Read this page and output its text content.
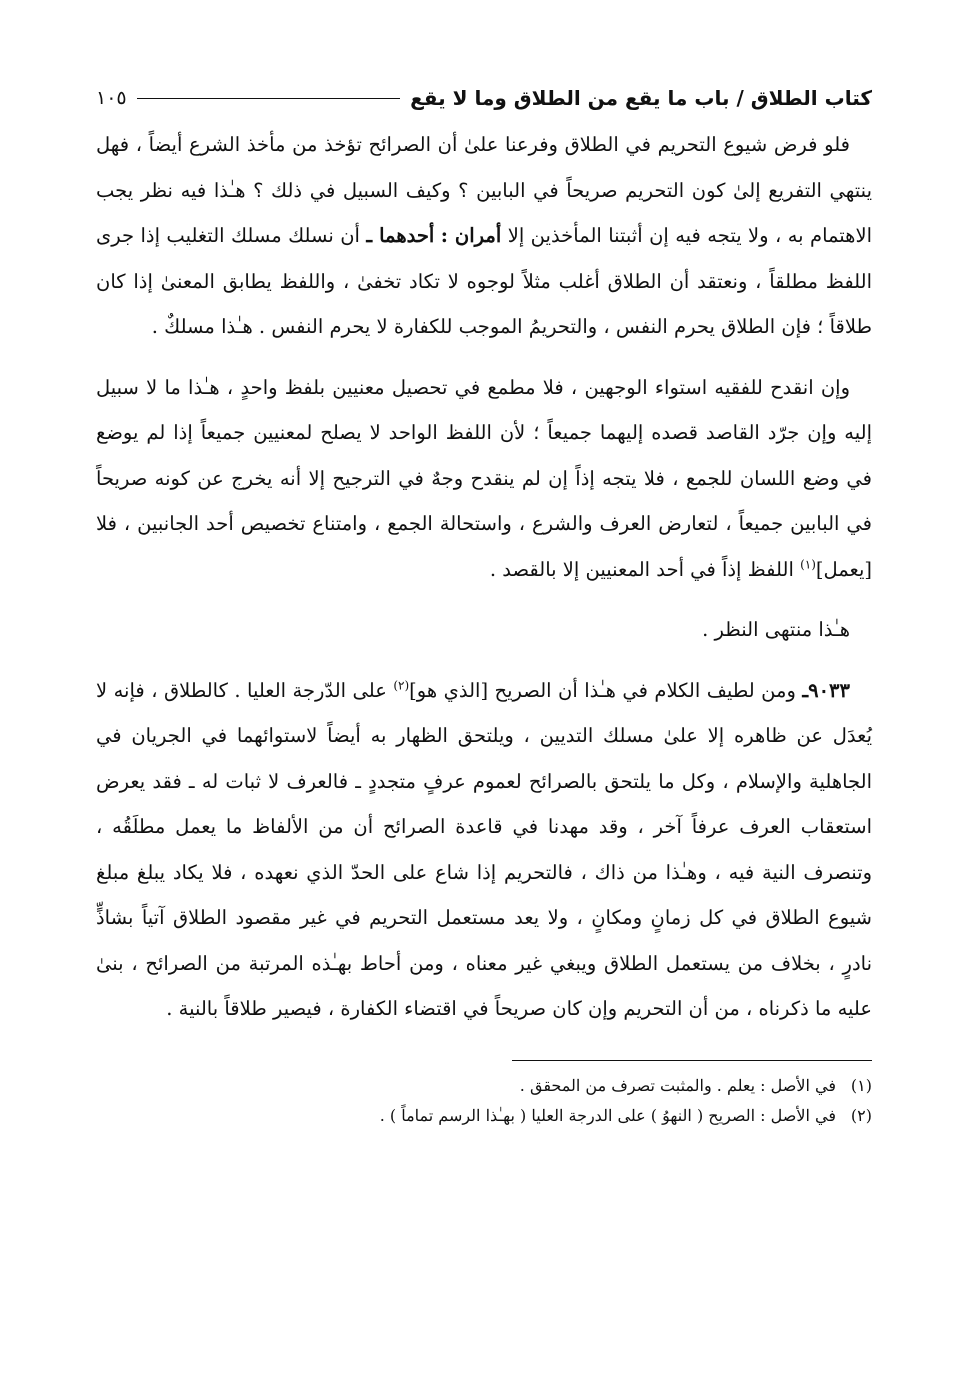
كتاب الطلاق / باب ما يقع من الطلاق وما لا يقع
١٠٥

فلو فرض شيوع التحريم في الطلاق وفرعنا علىٰ أن الصرائح تؤخذ من مأخذ الشرع أيضاً ، فهل ينتهي التفريع إلىٰ كون التحريم صريحاً في البابين ؟ وكيف السبيل في ذلك ؟ هـٰذا فيه نظر يجب الاهتمام به ، ولا يتجه فيه إن أثبتنا المأخذين إلا أمران : أحدهما ـ أن نسلك مسلك التغليب إذا جرى اللفظ مطلقاً ، ونعتقد أن الطلاق أغلب مثلاً لوجوه لا تكاد تخفىٰ ، واللفظ يطابق المعنىٰ إذا كان طلاقاً ؛ فإن الطلاق يحرم النفس ، والتحريمُ الموجب للكفارة لا يحرم النفس . هـٰذا مسلكٌ .

وإن انقدح للفقيه استواء الوجهين ، فلا مطمع في تحصيل معنيين بلفظ واحدٍ ، هـٰذا ما لا سبيل إليه وإن جرّد القاصد قصده إليهما جميعاً ؛ لأن اللفظ الواحد لا يصلح لمعنيين جميعاً إذا لم يوضع في وضع اللسان للجمع ، فلا يتجه إذاً إن لم ينقدح وجهٌ في الترجيح إلا أنه يخرج عن كونه صريحاً في البابين جميعاً ، لتعارض العرف والشرع ، واستحالة الجمع ، وامتناع تخصيص أحد الجانبين ، فلا [يعمل]$^{(١)}$ اللفظ إذاً في أحد المعنيين إلا بالقصد .

هـٰذا منتهى النظر .

٩٠٣٣ـ ومن لطيف الكلام في هـٰذا أن الصريح [الذي هو]$^{(٢)}$ على الدّرجة العليا . كالطلاق ، فإنه لا يُعدَل عن ظاهره إلا علىٰ مسلك التديين ، ويلتحق الظهار به أيضاً لاستوائهما في الجريان في الجاهلية والإسلام ، وكل ما يلتحق بالصرائح لعموم عرفٍ متجددٍ ـ فالعرف لا ثبات له ـ فقد يعرض استعقاب العرف عرفاً آخر ، وقد مهدنا في قاعدة الصرائح أن من الألفاظ ما يعمل مطلَقُه ، وتنصرف النية فيه ، وهـٰذا من ذاك ، فالتحريم إذا شاع على الحدّ الذي نعهده ، فلا يكاد يبلغ مبلغ شيوع الطلاق في كل زمانٍ ومكانٍ ، ولا يعد مستعمل التحريم في غير مقصود الطلاق آتياً بشاذٍّ نادرٍ ، بخلاف من يستعمل الطلاق ويبغي غير معناه ، ومن أحاط بهـٰذه المرتبة من الصرائح ، بنىٰ عليه ما ذكرناه ، من أن التحريم وإن كان صريحاً في اقتضاء الكفارة ، فيصير طلاقاً بالنية .

(١)
في الأصل : يعلم . والمثبت تصرف من المحقق .
(٢)
في الأصل : الصريح ( النهوُ ) على الدرجة العليا ( بهـٰذا الرسم تماماً ) .
